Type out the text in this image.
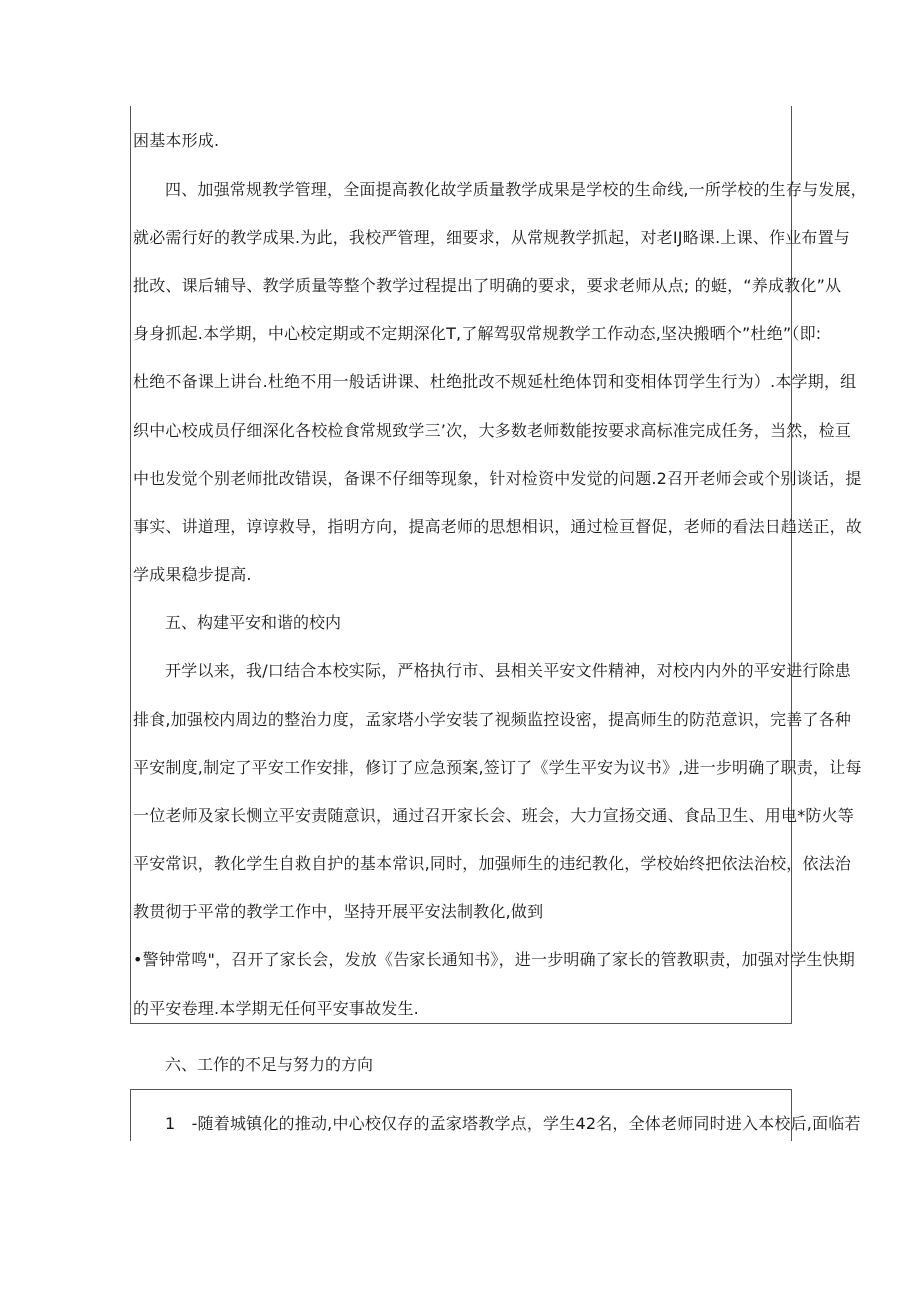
困基本形成.
四、加强常规教学管理，全面提高教化故学质量教学成果是学校的生命线,一所学校的生存与发展，
就必需行好的教学成果.为此，我校严管理，细要求，从常规教学抓起，对老IJ略课.上课、作业布置与
批改、课后辅导、教学质量等整个教学过程提出了明确的要求，要求老师从点; 的蜓，“养成教化”从
身身抓起.本学期，中心校定期或不定期深化T,了解驾驭常规教学工作动态,坚决搬晒个”杜绝”（即:
杜绝不备课上讲台.杜绝不用一般话讲课、杜绝批改不规延杜绝体罚和变相体罚学生行为）.本学期，组
织中心校成员仔细深化各校检食常规致学三’次，大多数老师数能按要求高标准完成任务，当然，检亘
中也发觉个别老师批改错误，备课不仔细等现象，针对检资中发觉的问题.2召开老师会或个别谈话，提
事实、讲道理，谆谆救导，指明方向，提高老师的思想相识，通过检亘督促，老师的看法日趋送正，故
学成果稳步提高.
五、构建平安和谐的校内
开学以来，我/口结合本校实际，严格执行市、县相关平安文件精神，对校内内外的平安进行除患
排食,加强校内周边的整治力度，孟家塔小学安装了视频监控设密，提高师生的防范意识，完善了各种
平安制度,制定了平安工作安排，修订了应急预案,签订了《学生平安为议书》,进一步明确了职责，让每
一位老师及家长恻立平安责随意识，通过召开家长会、班会，大力宣扬交通、食品卫生、用电*防火等
平安常识，教化学生自救自护的基本常识,同时，加强师生的违纪教化，学校始终把依法治校，依法治
教贯彻于平常的教学工作中，坚持开展平安法制教化,做到
•警钟常鸣"，召开了家长会，发放《告家长通知书》，进一步明确了家长的管教职责，加强对学生快期
的平安卷理.本学期无任何平安事故发生.
六、工作的不足与努力的方向
1　-随着城镇化的推动,中心校仅存的孟家塔教学点，学生42名，全体老师同时进入本校后,面临若
